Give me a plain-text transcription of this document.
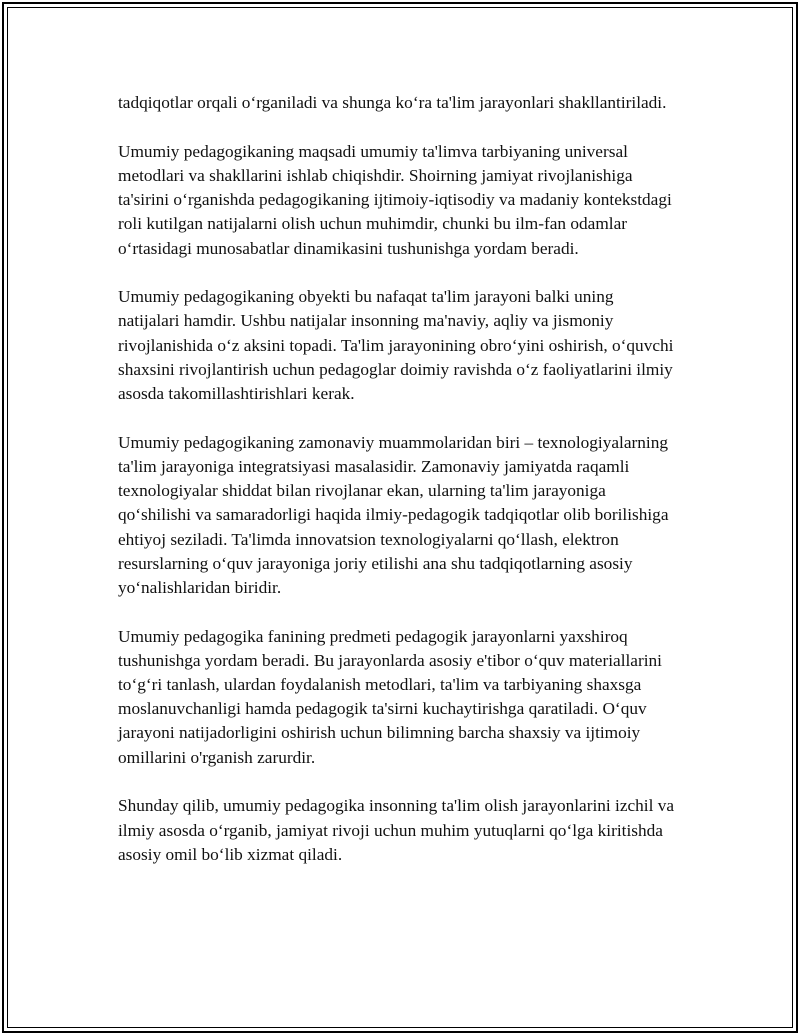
tadqiqotlar orqali o‘rganiladi va shunga ko‘ra ta'lim jarayonlari shakllantiriladi.

Umumiy pedagogikaning maqsadi umumiy ta'limva tarbiyaning universal metodlari va shakllarini ishlab chiqishdir. Shoirning jamiyat rivojlanishiga ta'sirini o‘rganishda pedagogikaning ijtimoiy-iqtisodiy va madaniy kontekstdagi roli kutilgan natijalarni olish uchun muhimdir, chunki bu ilm-fan odamlar o‘rtasidagi munosabatlar dinamikasini tushunishga yordam beradi.

Umumiy pedagogikaning obyekti bu nafaqat ta'lim jarayoni balki uning natijalari hamdir. Ushbu natijalar insonning ma'naviy, aqliy va jismoniy rivojlanishida o‘z aksini topadi. Ta'lim jarayonining obro‘yini oshirish, o‘quvchi shaxsini rivojlantirish uchun pedagoglar doimiy ravishda o‘z faoliyatlarini ilmiy asosda takomillashtirishlari kerak.

Umumiy pedagogikaning zamonaviy muammolaridan biri – texnologiyalarning ta'lim jarayoniga integratsiyasi masalasidir. Zamonaviy jamiyatda raqamli texnologiyalar shiddat bilan rivojlanar ekan, ularning ta'lim jarayoniga qo‘shilishi va samaradorligi haqida ilmiy-pedagogik tadqiqotlar olib borilishiga ehtiyoj seziladi. Ta'limda innovatsion texnologiyalarni qo‘llash, elektron resurslarning o‘quv jarayoniga joriy etilishi ana shu tadqiqotlarning asosiy yo‘nalishlaridan biridir.

Umumiy pedagogika fanining predmeti pedagogik jarayonlarni yaxshiroq tushunishga yordam beradi. Bu jarayonlarda asosiy e'tibor o‘quv materiallarini to‘g‘ri tanlash, ulardan foydalanish metodlari, ta'lim va tarbiyaning shaxsga moslanuvchanligi hamda pedagogik ta'sirni kuchaytirishga qaratiladi. O‘quv jarayoni natijadorligini oshirish uchun bilimning barcha shaxsiy va ijtimoiy omillarini o'rganish zarurdir.

Shunday qilib, umumiy pedagogika insonning ta'lim olish jarayonlarini izchil va ilmiy asosda o‘rganib, jamiyat rivoji uchun muhim yutuqlarni qo‘lga kiritishda asosiy omil bo‘lib xizmat qiladi.
